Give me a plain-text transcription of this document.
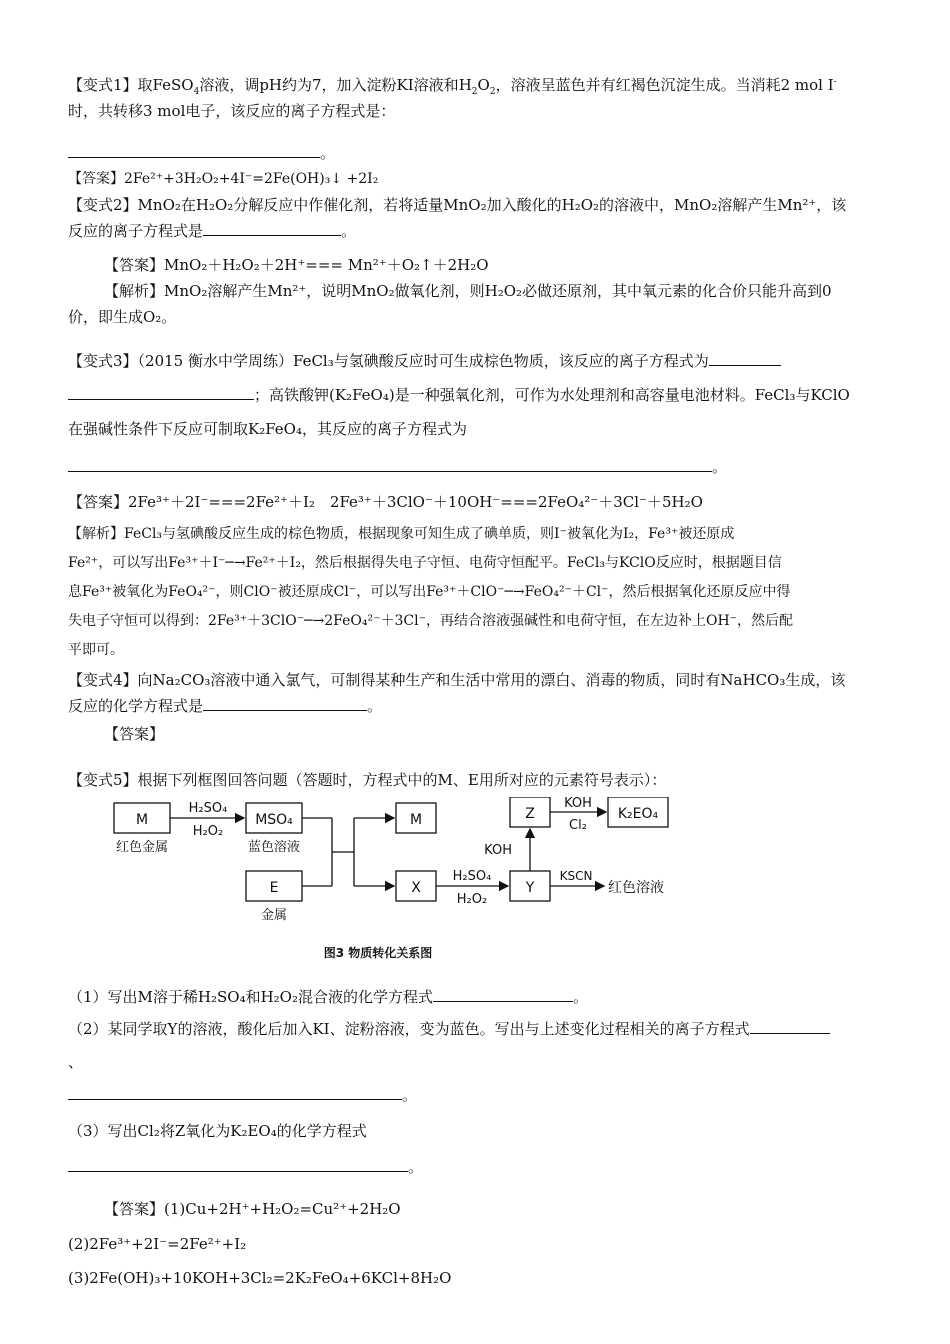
【变式1】取FeSO$_4$溶液，调pH约为7，加入淀粉KI溶液和$H_2O_2$，溶液呈蓝色并有红褐色沉淀生成。当消耗2 mol I-

时，共转移3 mol电子，该反应的离子方程式是：

。

【答案】2Fe²⁺+3H₂O₂+4I⁻=2Fe(OH)₃↓ +2I₂

【变式2】MnO₂在H₂O₂分解反应中作催化剂，若将适量MnO₂加入酸化的H₂O₂的溶液中，MnO₂溶解产生Mn²⁺，该

反应的离子方程式是	。

【答案】MnO₂＋H₂O₂＋2H⁺=== Mn²⁺＋O₂↑＋2H₂O

【解析】MnO₂溶解产生Mn²⁺，说明MnO₂做氧化剂，则H₂O₂必做还原剂，其中氧元素的化合价只能升高到0

价，即生成O₂。

【变式3】（2015 衡水中学周练）FeCl₃与氢碘酸反应时可生成棕色物质，该反应的离子方程式为

；高铁酸钾(K₂FeO₄)是一种强氧化剂，可作为水处理剂和高容量电池材料。FeCl₃与KClO

在强碱性条件下反应可制取K₂FeO₄，其反应的离子方程式为

。

【答案】2Fe³⁺＋2I⁻===2Fe²⁺＋I₂　2Fe³⁺＋3ClO⁻＋10OH⁻===2FeO₄²⁻＋3Cl⁻＋5H₂O

【解析】FeCl₃与氢碘酸反应生成的棕色物质，根据现象可知生成了碘单质，则I⁻被氧化为I₂，Fe³⁺被还原成

Fe²⁺，可以写出Fe³⁺＋I⁻─→Fe²⁺＋I₂，然后根据得失电子守恒、电荷守恒配平。FeCl₃与KClO反应时，根据题目信

息Fe³⁺被氧化为FeO₄²⁻，则ClO⁻被还原成Cl⁻，可以写出Fe³⁺＋ClO⁻─→FeO₄²⁻＋Cl⁻，然后根据氧化还原反应中得

失电子守恒可以得到：2Fe³⁺＋3ClO⁻─→2FeO₄²⁻＋3Cl⁻，再结合溶液强碱性和电荷守恒，在左边补上OH⁻，然后配

平即可。

【变式4】向Na₂CO₃溶液中通入氯气，可制得某种生产和生活中常用的漂白、消毒的物质，同时有NaHCO₃生成，该

反应的化学方程式是	。

【答案】

【变式5】根据下列框图回答问题（答题时，方程式中的M、E用所对应的元素符号表示）：

M
红色金属
H₂SO₄
H₂O₂
MSO₄
蓝色溶液
E
金属
M
X
H₂SO₄
H₂O₂
Y
KOH
Z
KOH
Cl₂
K₂EO₄
KSCN
红色溶液
图3 物质转化关系图

（1）写出M溶于稀H₂SO₄和H₂O₂混合液的化学方程式	。

（2）某同学取Y的溶液，酸化后加入KI、淀粉溶液，变为蓝色。写出与上述变化过程相关的离子方程式

、

。

（3）写出Cl₂将Z氧化为K₂EO₄的化学方程式

。

【答案】(1)Cu+2H⁺+H₂O₂=Cu²⁺+2H₂O

(2)2Fe³⁺+2I⁻=2Fe²⁺+I₂

(3)2Fe(OH)₃+10KOH+3Cl₂=2K₂FeO₄+6KCl+8H₂O
